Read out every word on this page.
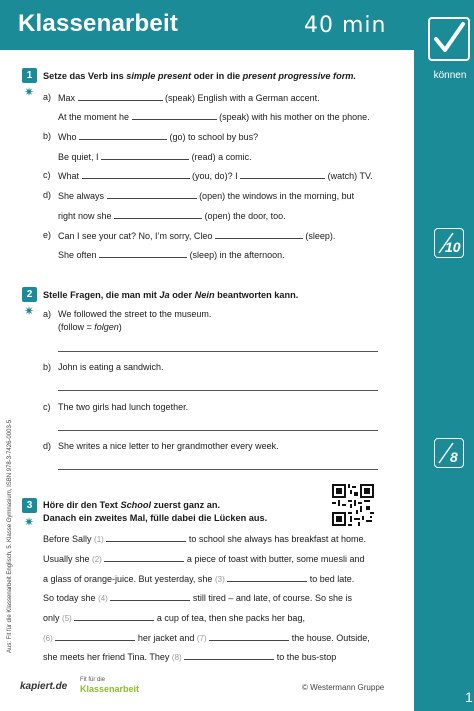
Klassenarbeit	40 min
können
10
8
1
1
✷
Setze das Verb ins simple present oder in die present progressive form.
a) Max	(speak) English with a German accent.
At the moment he	(speak) with his mother on the phone.
b) Who	(go) to school by bus?
Be quiet, I	(read) a comic.
c) What	(you, do)? I	(watch) TV.
d) She always	(open) the windows in the morning, but
right now she	(open) the door, too.
e) Can I see your cat? No, I’m sorry, Cleo	(sleep).
She often	(sleep) in the afternoon.
2
✷
Stelle Fragen, die man mit Ja oder Nein beantworten kann.
a) We followed the street to the museum.
(follow = folgen)
b) John is eating a sandwich.
c) The two girls had lunch together.
d) She writes a nice letter to her grandmother every week.
3
✷
Höre dir den Text School zuerst ganz an.
Danach ein zweites Mal, fülle dabei die Lücken aus.
Before Sally (1)	to school she always has breakfast at home.
Usually she (2)	a piece of toast with butter, some muesli and
a glass of orange-juice. But yesterday, she (3)	to bed late.
So today she (4)	still tired – and late, of course. So she is
only (5)	a cup of tea, then she packs her bag,
(6)	her jacket and (7)	the house. Outside,
she meets her friend Tina. They (8)	to the bus-stop
kapiert.de
Fit für die
Klassenarbeit	© Westermann Gruppe
Aus: Fit für die Klassenarbeit Englisch, 5. Klasse Gymnasium, ISBN 978-3-7426-0003-5
